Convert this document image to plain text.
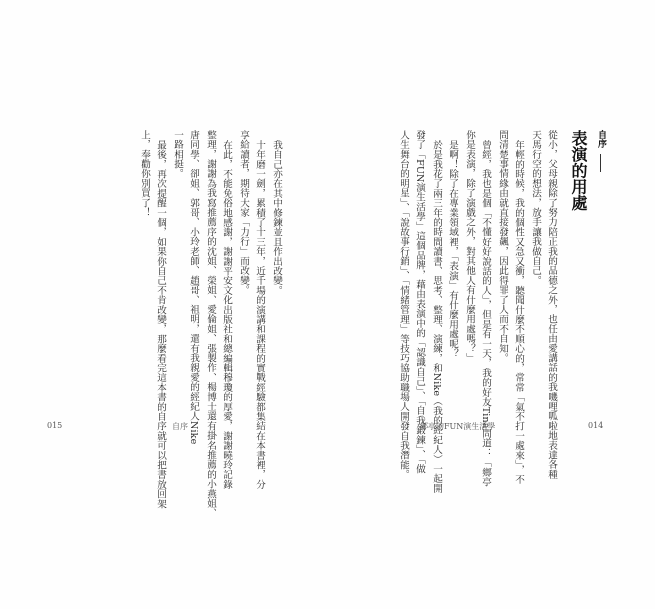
自序
表演的用處
從小，父母親除了努力陪正我的品德之外，也任由愛講話的我嘰哩呱啦地表達各種
天馬行空的想法，放手讓我做自己。
年輕的時候，我的個性又急又衝，聽聞什麼不順心的，常常「氣不打一處來」，不
問清楚事情緣由就直接發飆，因此得罪了人而不自知。
曾經，我也是個「不懂好好說話的人」，但是有一天，我的好友Tina問道：「鄉亭
你是表演，除了演戲之外，對其他人有什麼用處嗎？」
是啊！除了在專業領域裡，「表演」有什麼用處呢？
於是我花了兩三年的時間讀書、思考、整理、演練，和Nike（我的經紀人）一起開
發了「FUN演生活學」這個品牌，藉由表演中的「認識自己」、「自我鍛鍊」、「做
人生舞台的明星」、「說故事行銷」、「情緒管理」等技巧協助職場人開發自我潛能。
我自己亦在其中修鍊並且作出改變。
十年磨一劍，累積了十三年，近千場的演講和課程的實戰經驗都集結在本書裡，分
享給讀者，期待大家「力行」而改變。
在此，不能免俗地感謝，謝謝平安文化出版社和總編輯穆瓊的厚愛，謝謝曉玲記錄
整理，謝謝為我寫推薦序的沈姐、榮姐、愛倫姐、張製作、楊博士還有掛名推薦的小燕姐、
唐同學、卻姐、郭哥、小玲老師、趙哥、祖明，還有我親愛的經紀人Nike
一路相挺。
最後，再次提醒一個，如果你自己不肯改變，那麼看完這本書的自序就可以把書放回架
上，奉勸你別買了！
015	自序	鄉亭的FUN演生活學	014
